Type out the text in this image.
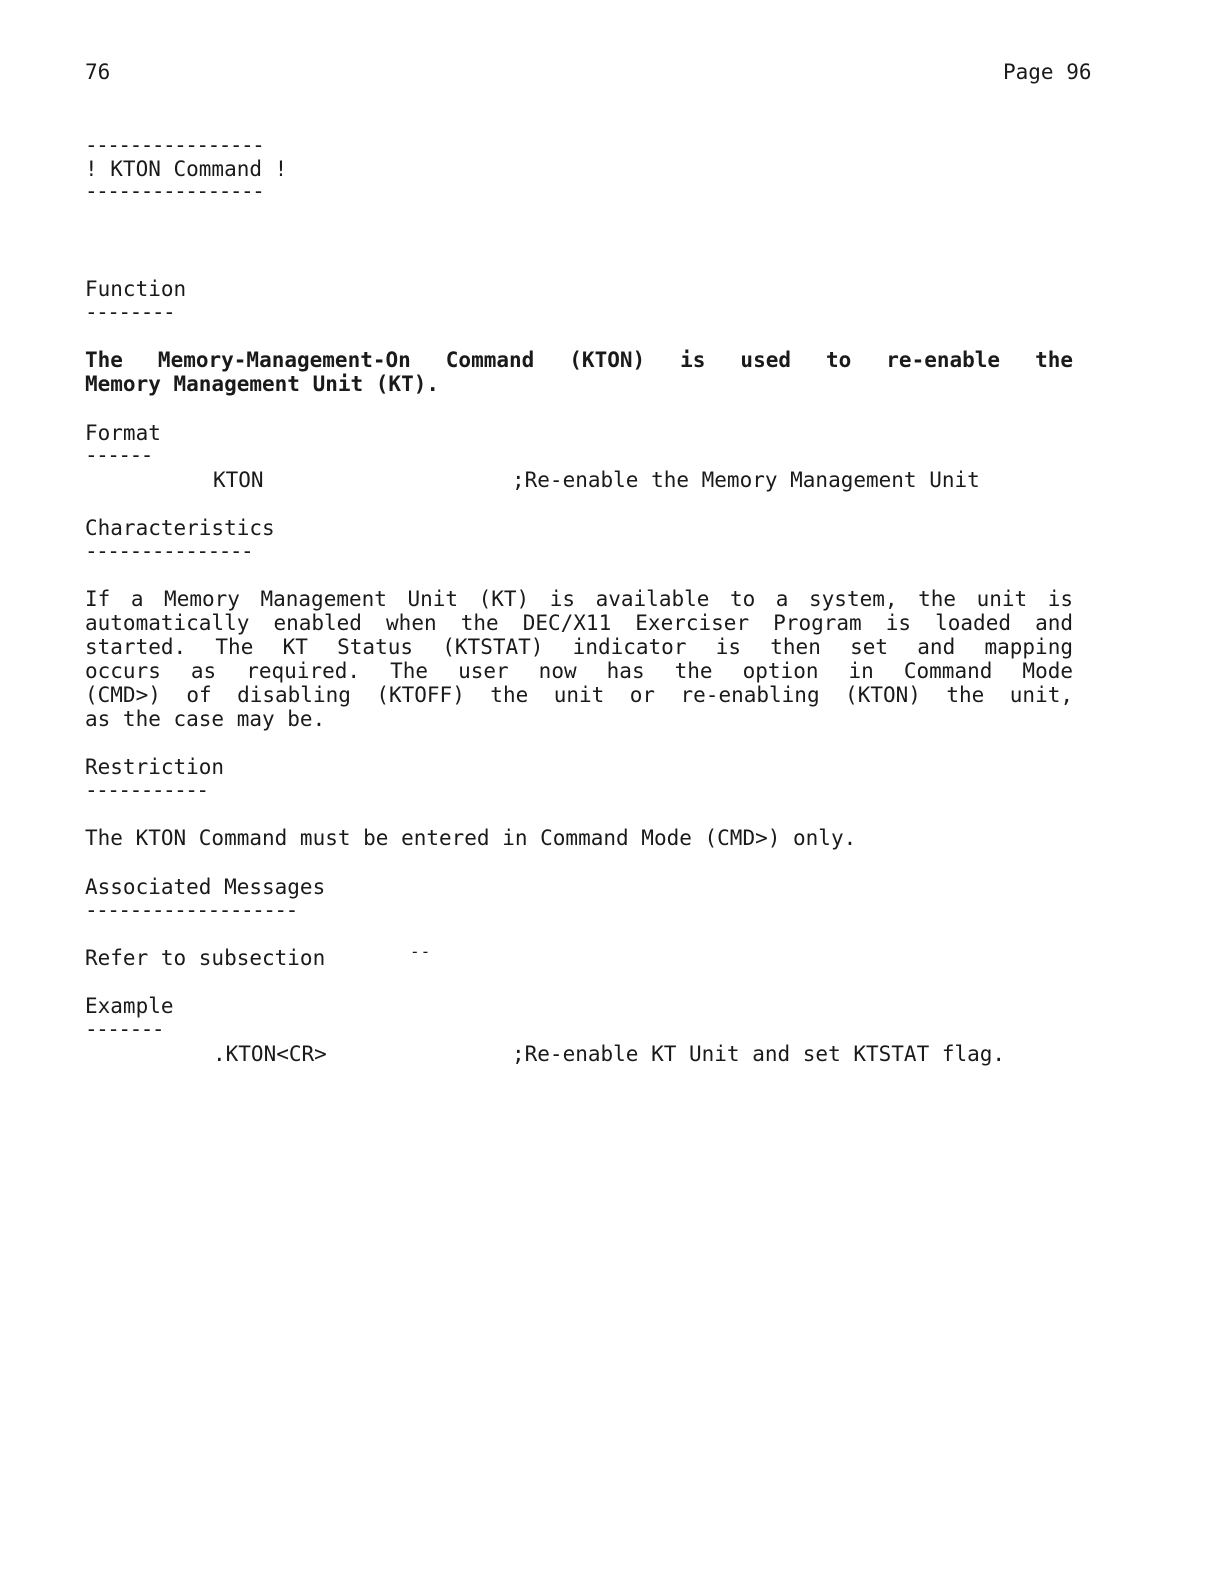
76	Page 96
----------------
! KTON Command !
----------------
Function
--------
The Memory-Management-On Command (KTON) is used to re-enable the
Memory Management Unit (KT).
Format
------
KTON	;Re-enable the Memory Management Unit
Characteristics
---------------
If a Memory Management Unit (KT) is available to a system, the unit is
automatically enabled when the DEC/X11 Exerciser Program is loaded and
started. The KT Status (KTSTAT) indicator is then set and mapping
occurs as required. The user now has the option in Command Mode
(CMD>) of disabling (KTOFF) the unit or re-enabling (KTON) the unit,
as the case may be.
Restriction
-----------
The KTON Command must be entered in Command Mode (CMD>) only.
Associated Messages
-------------------
Refer to subsection	--
Example
-------
.KTON<CR>	;Re-enable KT Unit and set KTSTAT flag.
